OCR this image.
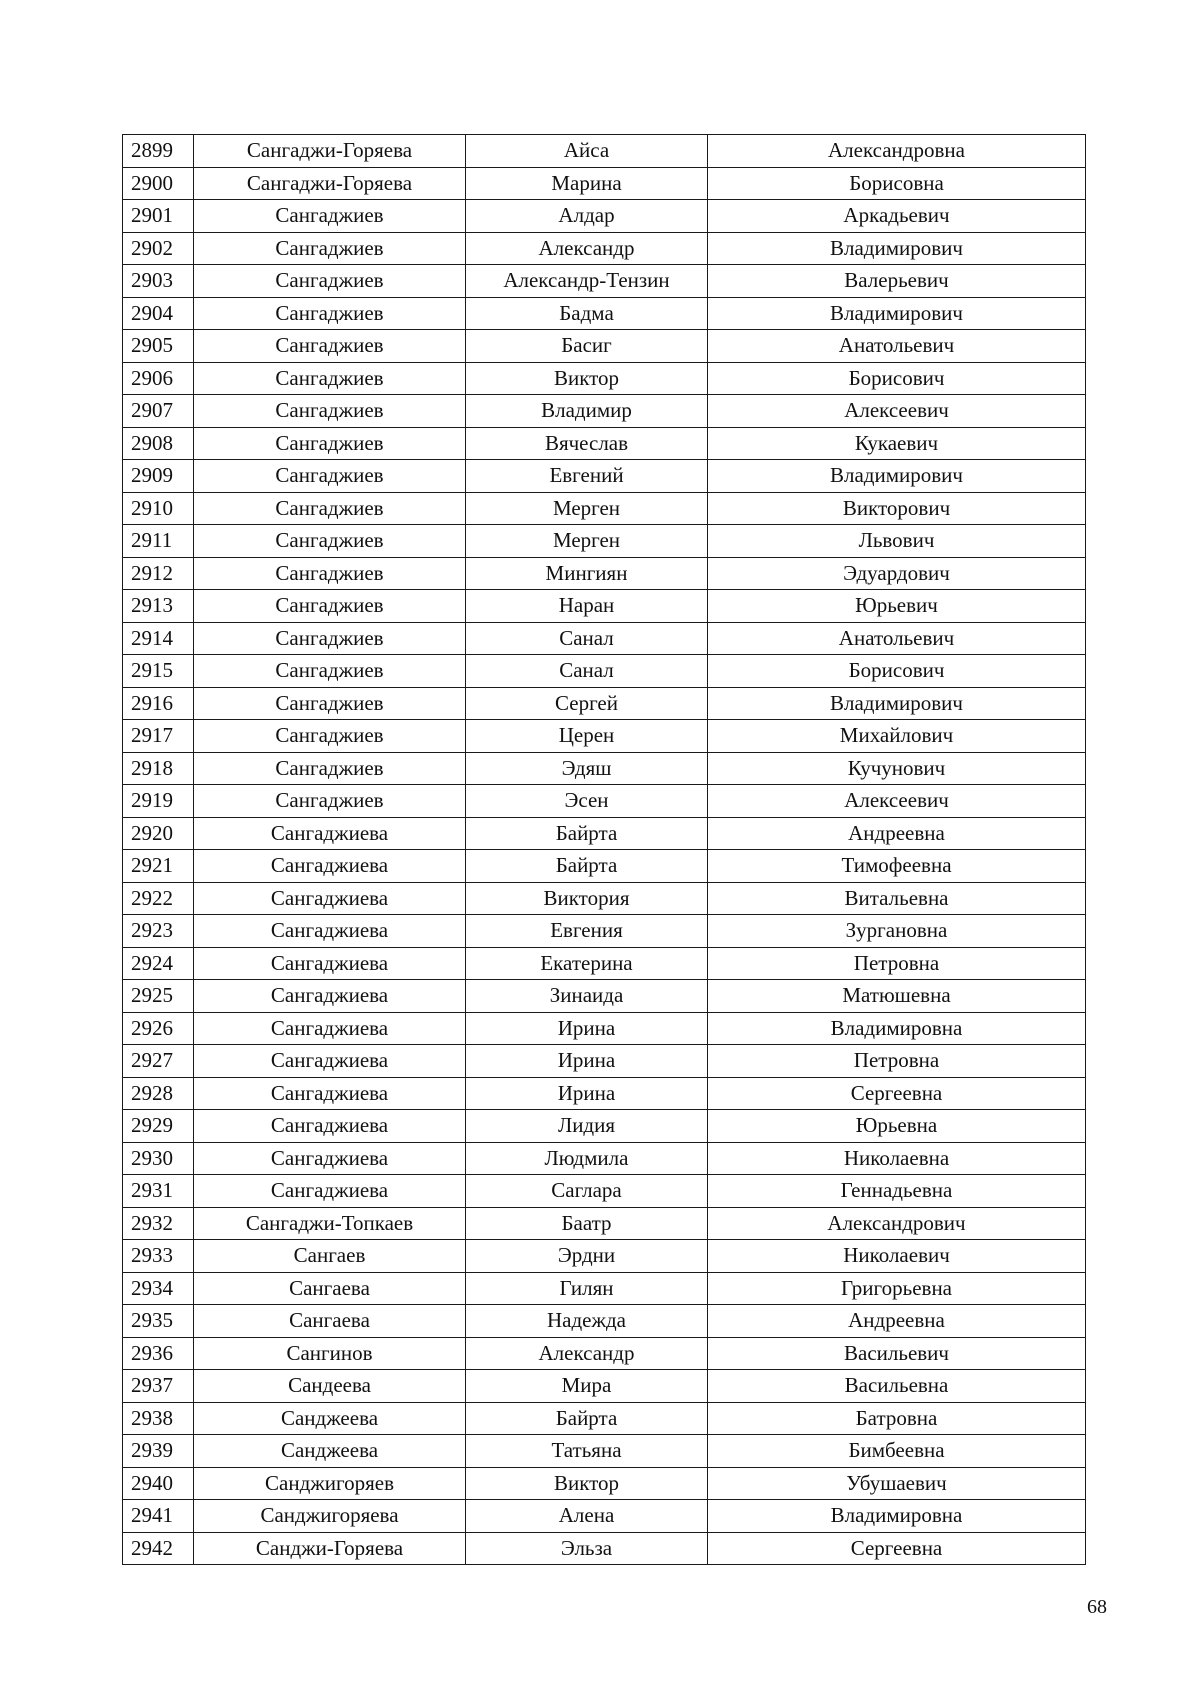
2899	Сангаджи-Горяева	Айса	Александровна
2900	Сангаджи-Горяева	Марина	Борисовна
2901	Сангаджиев	Алдар	Аркадьевич
2902	Сангаджиев	Александр	Владимирович
2903	Сангаджиев	Александр-Тензин	Валерьевич
2904	Сангаджиев	Бадма	Владимирович
2905	Сангаджиев	Басиг	Анатольевич
2906	Сангаджиев	Виктор	Борисович
2907	Сангаджиев	Владимир	Алексеевич
2908	Сангаджиев	Вячеслав	Кукаевич
2909	Сангаджиев	Евгений	Владимирович
2910	Сангаджиев	Мерген	Викторович
2911	Сангаджиев	Мерген	Львович
2912	Сангаджиев	Мингиян	Эдуардович
2913	Сангаджиев	Наран	Юрьевич
2914	Сангаджиев	Санал	Анатольевич
2915	Сангаджиев	Санал	Борисович
2916	Сангаджиев	Сергей	Владимирович
2917	Сангаджиев	Церен	Михайлович
2918	Сангаджиев	Эдяш	Кучунович
2919	Сангаджиев	Эсен	Алексеевич
2920	Сангаджиева	Байрта	Андреевна
2921	Сангаджиева	Байрта	Тимофеевна
2922	Сангаджиева	Виктория	Витальевна
2923	Сангаджиева	Евгения	Зургановна
2924	Сангаджиева	Екатерина	Петровна
2925	Сангаджиева	Зинаида	Матюшевна
2926	Сангаджиева	Ирина	Владимировна
2927	Сангаджиева	Ирина	Петровна
2928	Сангаджиева	Ирина	Сергеевна
2929	Сангаджиева	Лидия	Юрьевна
2930	Сангаджиева	Людмила	Николаевна
2931	Сангаджиева	Саглара	Геннадьевна
2932	Сангаджи-Топкаев	Баатр	Александрович
2933	Сангаев	Эрдни	Николаевич
2934	Сангаева	Гилян	Григорьевна
2935	Сангаева	Надежда	Андреевна
2936	Сангинов	Александр	Васильевич
2937	Сандеева	Мира	Васильевна
2938	Санджеева	Байрта	Батровна
2939	Санджеева	Татьяна	Бимбеевна
2940	Санджигоряев	Виктор	Убушаевич
2941	Санджигоряева	Алена	Владимировна
2942	Санджи-Горяева	Эльза	Сергеевна
68
